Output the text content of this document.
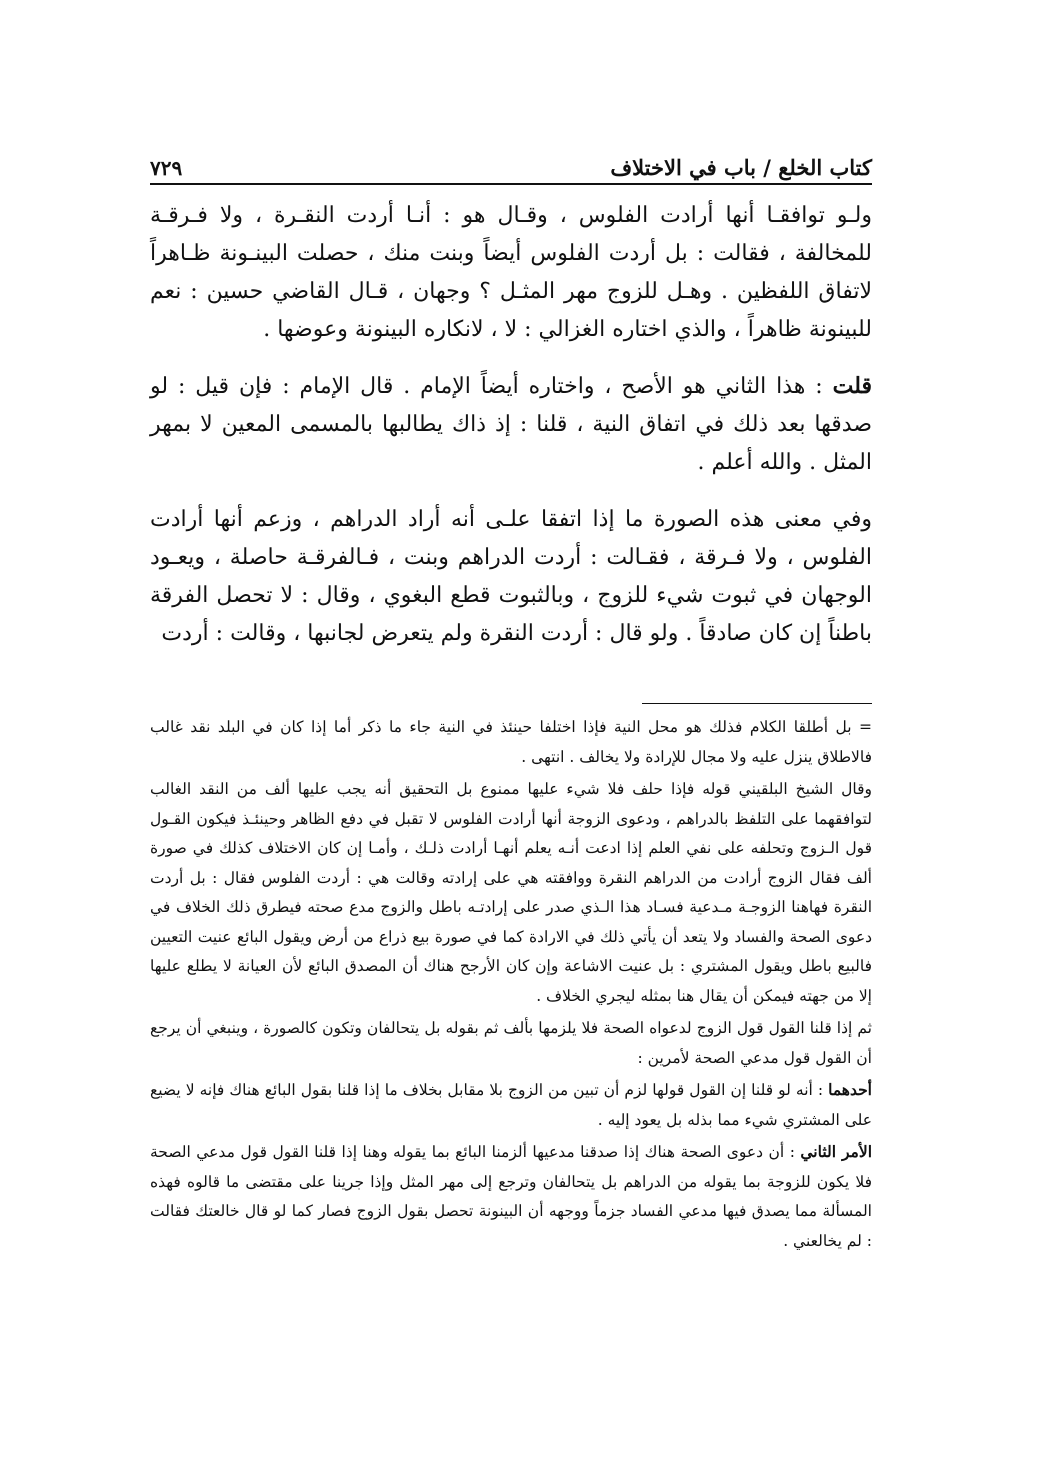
كتاب الخلع / باب في الاختلاف
٧٢٩

ولـو توافقـا أنها أرادت الفلوس ، وقـال هو : أنـا أردت النقـرة ، ولا فـرقـة للمخالفة ، فقالت : بل أردت الفلوس أيضاً وبنت منك ، حصلت البينـونة ظـاهراً لاتفاق اللفظين . وهـل للزوج مهر المثـل ؟ وجهان ، قـال القاضي حسين : نعم للبينونة ظاهراً ، والذي اختاره الغزالي : لا ، لانكاره البينونة وعوضها .

قلت : هذا الثاني هو الأصح ، واختاره أيضاً الإمام . قال الإمام : فإن قيل : لو صدقها بعد ذلك في اتفاق النية ، قلنا : إذ ذاك يطالبها بالمسمى المعين لا بمهر المثل . والله أعلم .

وفي معنى هذه الصورة ما إذا اتفقا علـى أنه أراد الدراهم ، وزعم أنها أرادت الفلوس ، ولا فـرقة ، فقـالت : أردت الدراهم وبنت ، فـالفرقـة حاصلة ، ويعـود الوجهان في ثبوت شيء للزوج ، وبالثبوت قطع البغوي ، وقال : لا تحصل الفرقة باطناً إن كان صادقاً . ولو قال : أردت النقرة ولم يتعرض لجانبها ، وقالت : أردت

= بل أطلقا الكلام فذلك هو محل النية فإذا اختلفا حينئذ في النية جاء ما ذكر أما إذا كان في البلد نقد غالب فالاطلاق ينزل عليه ولا مجال للإرادة ولا يخالف . انتهى .

وقال الشيخ البلقيني قوله فإذا حلف فلا شيء عليها ممنوع بل التحقيق أنه يجب عليها ألف من النقد الغالب لتوافقهما على التلفظ بالدراهم ، ودعوى الزوجة أنها أرادت الفلوس لا تقبل في دفع الظاهر وحينئـذ فيكون القـول قول الـزوج وتحلفه على نفي العلم إذا ادعت أنـه يعلم أنهـا أرادت ذلـك ، وأمـا إن كان الاختلاف كذلك في صورة ألف فقال الزوج أرادت من الدراهم النقرة ووافقته هي على إرادته وقالت هي : أردت الفلوس فقال : بل أردت النقرة فهاهنا الزوجـة مـدعية فسـاد هذا الـذي صدر على إرادتـه باطل والزوج مدع صحته فيطرق ذلك الخلاف في دعوى الصحة والفساد ولا يتعد أن يأتي ذلك في الارادة كما في صورة بيع ذراع من أرض ويقول البائع عنيت التعيين فالبيع باطل ويقول المشتري : بل عنيت الاشاعة وإن كان الأرجح هناك أن المصدق البائع لأن العيانة لا يطلع عليها إلا من جهته فيمكن أن يقال هنا بمثله ليجري الخلاف .

ثم إذا قلنا القول قول الزوج لدعواه الصحة فلا يلزمها بألف ثم بقوله بل يتحالفان وتكون كالصورة ، وينبغي أن يرجع أن القول قول مدعي الصحة لأمرين :

أحدهما : أنه لو قلنا إن القول قولها لزم أن تبين من الزوج بلا مقابل بخلاف ما إذا قلنا بقول البائع هناك فإنه لا يضيع على المشتري شيء مما بذله بل يعود إليه .

الأمر الثاني : أن دعوى الصحة هناك إذا صدقنا مدعيها ألزمنا البائع بما يقوله وهنا إذا قلنا القول قول مدعي الصحة فلا يكون للزوجة بما يقوله من الدراهم بل يتحالفان وترجع إلى مهر المثل وإذا جرينا على مقتضى ما قالوه فهذه المسألة مما يصدق فيها مدعي الفساد جزماً ووجهه أن البينونة تحصل بقول الزوج فصار كما لو قال خالعتك فقالت : لم يخالعني .
